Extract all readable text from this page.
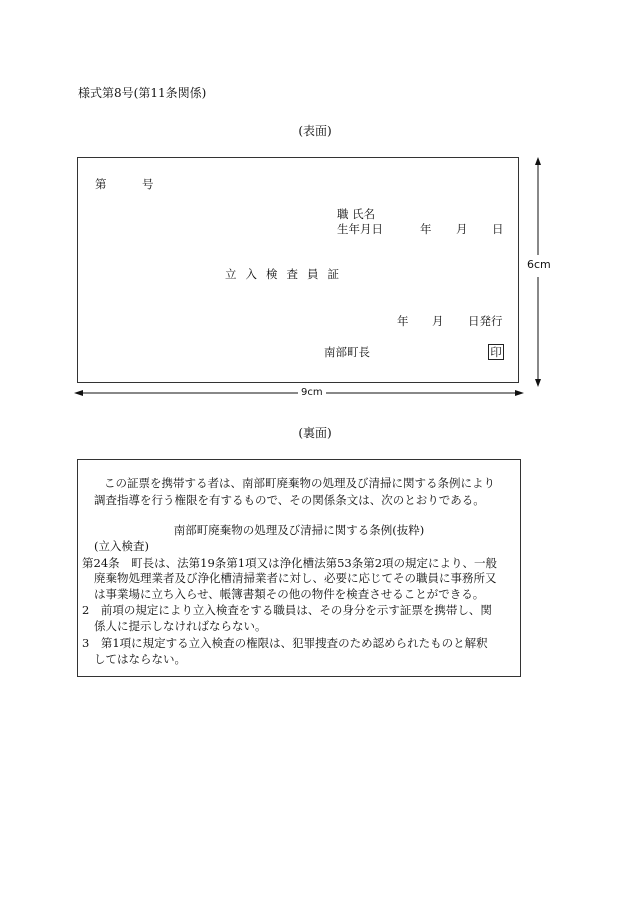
様式第8号(第11条関係)
(表面)
第	号
職 氏名
生年月日	年 月 日
立入検査員証
年 月 日発行
南部町長	印
6cm
9cm
(裏面)
この証票を携帯する者は、南部町廃棄物の処理及び清掃に関する条例により
調査指導を行う権限を有するもので、その関係条文は、次のとおりである。
南部町廃棄物の処理及び清掃に関する条例(抜粋)
(立入検査)
第24条　町長は、法第19条第1項又は浄化槽法第53条第2項の規定により、一般
廃棄物処理業者及び浄化槽清掃業者に対し、必要に応じてその職員に事務所又
は事業場に立ち入らせ、帳簿書類その他の物件を検査させることができる。
2　前項の規定により立入検査をする職員は、その身分を示す証票を携帯し、関
係人に提示しなければならない。
3　第1項に規定する立入検査の権限は、犯罪捜査のため認められたものと解釈
してはならない。
